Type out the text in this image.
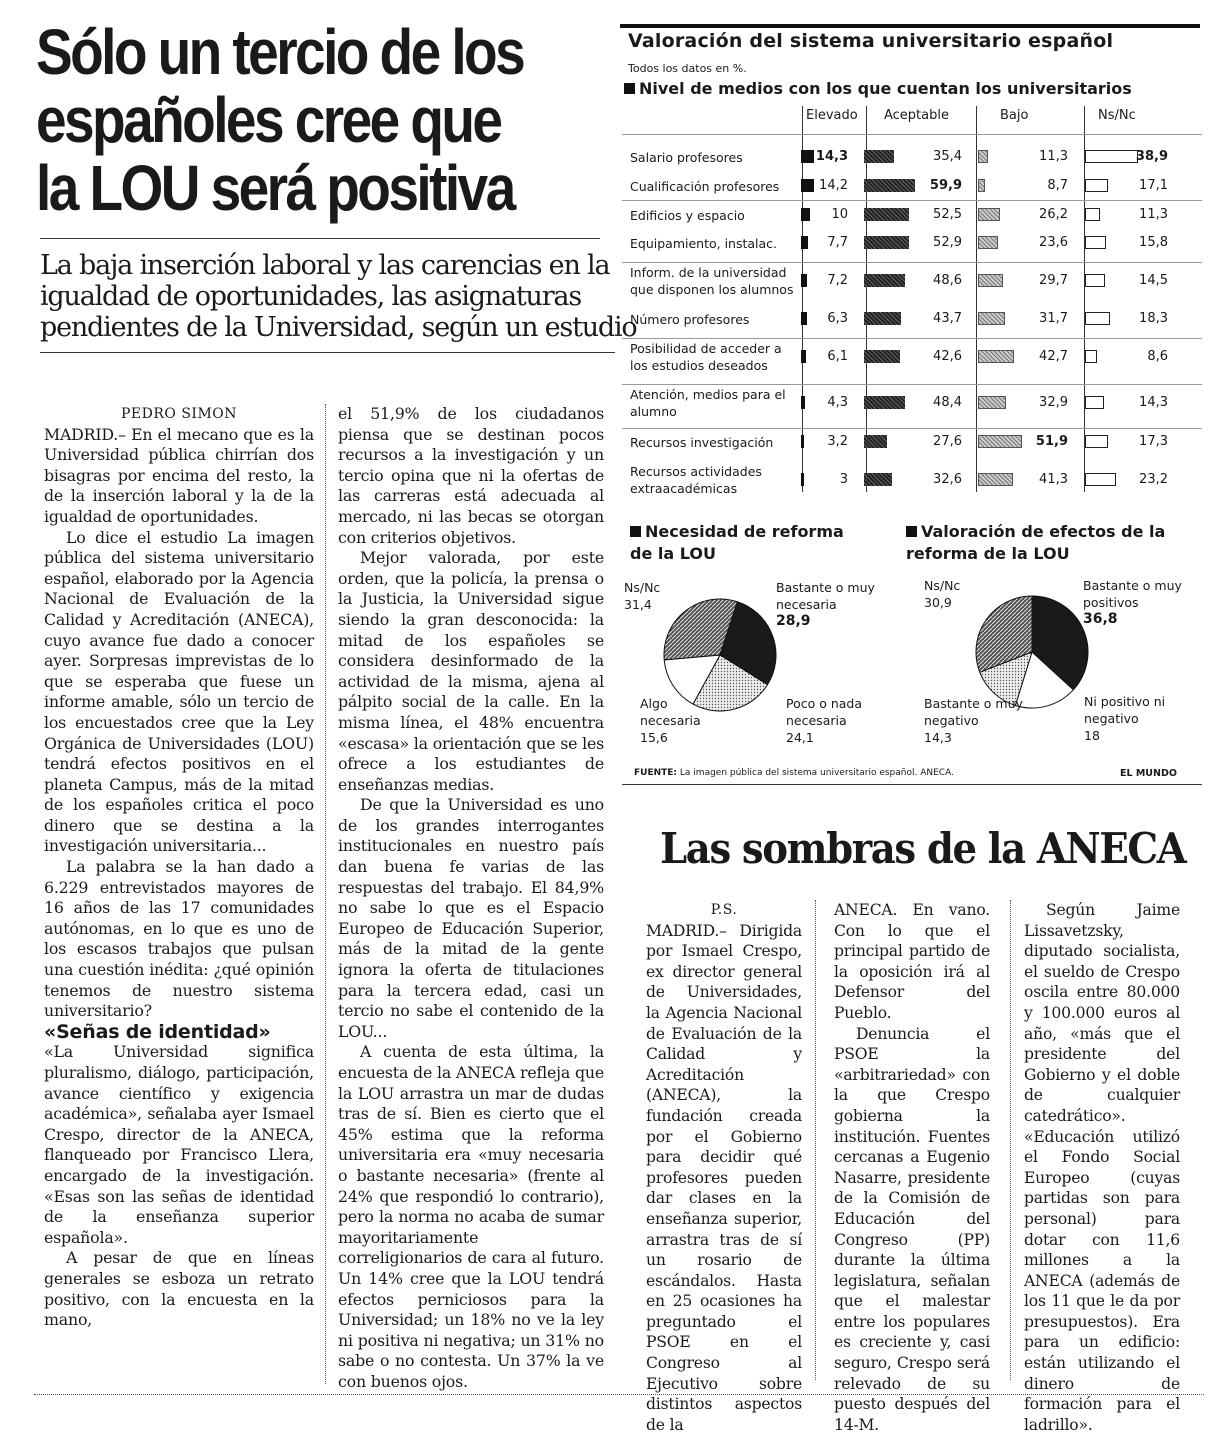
Sólo un tercio de los
españoles cree que
la LOU será positiva
La baja inserción laboral y las carencias en la
igualdad de oportunidades, las asignaturas
pendientes de la Universidad, según un estudio

PEDRO SIMON

MADRID.– En el mecano que es la Universidad pública chirrían dos bisagras por encima del resto, la de la inserción laboral y la de la igualdad de oportunidades.

Lo dice el estudio La imagen pública del sistema universitario español, elaborado por la Agencia Nacional de Evaluación de la Calidad y Acreditación (ANECA), cuyo avance fue dado a conocer ayer. Sorpresas imprevistas de lo que se esperaba que fuese un informe amable, sólo un tercio de los encuestados cree que la Ley Orgánica de Universidades (LOU) tendrá efectos positivos en el planeta Campus, más de la mitad de los españoles critica el poco dinero que se destina a la investigación universitaria...

La palabra se la han dado a 6.229 entrevistados mayores de 16 años de las 17 comunidades autónomas, en lo que es uno de los escasos trabajos que pulsan una cuestión inédita: ¿qué opinión tenemos de nuestro sistema universitario?

«Señas de identidad»

«La Universidad significa pluralismo, diálogo, participación, avance científico y exigencia académica», señalaba ayer Ismael Crespo, director de la ANECA, flanqueado por Francisco Llera, encargado de la investigación. «Esas son las señas de identidad de la enseñanza superior española».

A pesar de que en líneas generales se esboza un retrato positivo, con la encuesta en la mano,

el 51,9% de los ciudadanos piensa que se destinan pocos recursos a la investigación y un tercio opina que ni la ofertas de las carreras está adecuada al mercado, ni las becas se otorgan con criterios objetivos.

Mejor valorada, por este orden, que la policía, la prensa o la Justicia, la Universidad sigue siendo la gran desconocida: la mitad de los españoles se considera desinformado de la actividad de la misma, ajena al pálpito social de la calle. En la misma línea, el 48% encuentra «escasa» la orientación que se les ofrece a los estudiantes de enseñanzas medias.

De que la Universidad es uno de los grandes interrogantes institucionales en nuestro país dan buena fe varias de las respuestas del trabajo. El 84,9% no sabe lo que es el Espacio Europeo de Educación Superior, más de la mitad de la gente ignora la oferta de titulaciones para la tercera edad, casi un tercio no sabe el contenido de la LOU...

A cuenta de esta última, la encuesta de la ANECA refleja que la LOU arrastra un mar de dudas tras de sí. Bien es cierto que el 45% estima que la reforma universitaria era «muy necesaria o bastante necesaria» (frente al 24% que respondió lo contrario), pero la norma no acaba de sumar mayoritariamente correligionarios de cara al futuro. Un 14% cree que la LOU tendrá efectos perniciosos para la Universidad; un 18% no ve la ley ni positiva ni negativa; un 31% no sabe o no contesta. Un 37% la ve con buenos ojos.

Valoración del sistema universitario español
Todos los datos en %.
Nivel de medios con los que cuentan los universitarios
Elevado Aceptable	Bajo	Ns/Nc
Salario profesores	14,3	35,4	11,3	38,9
Cualificación profesores	14,2	59,9	8,7	17,1
Edificios y espacio	10	52,5	26,2	11,3
Equipamiento, instalac.	7,7	52,9	23,6	15,8
Inform. de la universidad que disponen los alumnos
7,2	48,6	29,7	14,5
Número profesores	6,3	43,7	31,7	18,3
Posibilidad de acceder a los estudios deseados
6,1	42,6	42,7	8,6
Atención, medios para el alumno
4,3	48,4	32,9	14,3
Recursos investigación	3,2	27,6	51,9	17,3
Recursos actividades extraacadémicas
3	32,6	41,3	23,2
Necesidad de reforma de la LOU
Valoración de efectos de la reforma de la LOU
Bastante o muy necesaria
28,9
Poco o nada necesaria
24,1
Algo necesaria
15,6
Ns/Nc
31,4
Bastante o muy positivos
36,8
Ni positivo ni negativo
18
Bastante o muy negativo
14,3
Ns/Nc
30,9
FUENTE: La imagen pública del sistema universitario español. ANECA.	EL MUNDO
Las sombras de la ANECA

P.S.

MADRID.– Dirigida por Ismael Crespo, ex director general de Universidades, la Agencia Nacional de Evaluación de la Calidad y Acreditación (ANECA), la fundación creada por el Gobierno para decidir qué profesores pueden dar clases en la enseñanza superior, arrastra tras de sí un rosario de escándalos. Hasta en 25 ocasiones ha preguntado el PSOE en el Congreso al Ejecutivo sobre distintos aspectos de la

ANECA. En vano. Con lo que el principal partido de la oposición irá al Defensor del Pueblo.

Denuncia el PSOE la «arbitrariedad» con la que Crespo gobierna la institución. Fuentes cercanas a Eugenio Nasarre, presidente de la Comisión de Educación del Congreso (PP) durante la última legislatura, señalan que el malestar entre los populares es creciente y, casi seguro, Crespo será relevado de su puesto después del 14-M.

Según Jaime Lissavetzsky, diputado socialista, el sueldo de Crespo oscila entre 80.000 y 100.000 euros al año, «más que el presidente del Gobierno y el doble de cualquier catedrático». «Educación utilizó el Fondo Social Europeo (cuyas partidas son para personal) para dotar con 11,6 millones a la ANECA (además de los 11 que le da por presupuestos). Era para un edificio: están utilizando el dinero de formación para el ladrillo».
